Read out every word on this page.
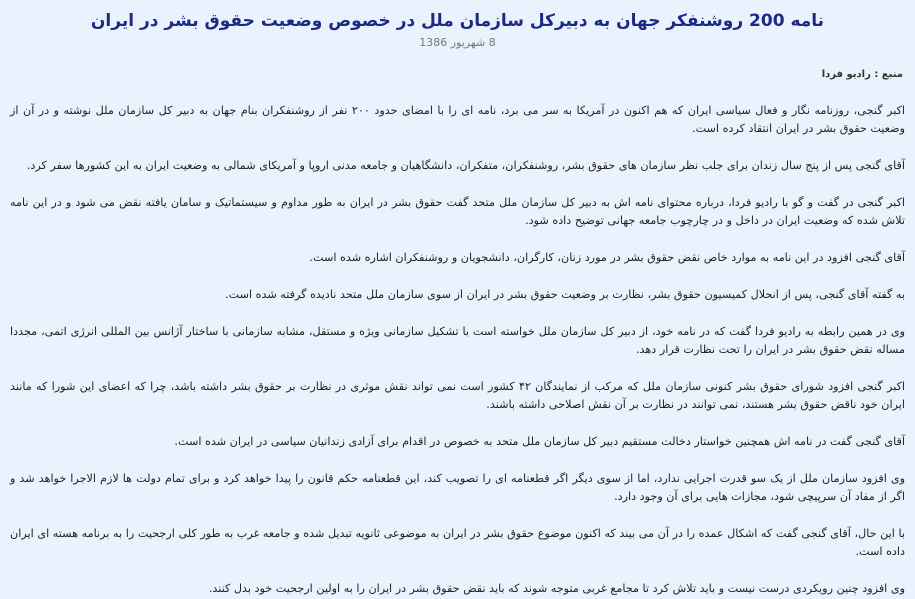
نامه 200 روشنفکر جهان به دبیرکل سازمان ملل در خصوص وضعیت حقوق بشر در ایران
8 شهریور 1386
منبع : رادیو فردا

اکبر گنجی، روزنامه نگار و فعال سیاسی ایران که هم اکنون در آمریکا به سر می برد، نامه ای را با امضای حدود ۲۰۰ نفر از روشنفکران بنام جهان به دبیر کل سازمان ملل نوشته و در آن از وضعیت حقوق بشر در ایران انتقاد کرده است.

آقای گنجی پس از پنج سال زندان برای جلب نظر سازمان های حقوق بشر، روشنفکران، متفکران، دانشگاهیان و جامعه مدنی اروپا و آمریکای شمالی به وضعیت ایران به این کشورها سفر کرد.

اکبر گنجی در گفت و گو با رادیو فردا، درباره محتوای نامه اش به دبیر کل سازمان ملل متحد گفت حقوق بشر در ایران به طور مداوم و سیستماتیک و سامان یافته نقض می شود و در این نامه تلاش شده که وضعیت ایران در داخل و در چارچوب جامعه جهانی توضیح داده شود.

آقای گنجی افزود در این نامه به موارد خاص نقض حقوق بشر در مورد زنان، کارگران، دانشجویان و روشنفکران اشاره شده است.

به گفته آقای گنجی، پس از انحلال کمیسیون حقوق بشر، نظارت بر وضعیت حقوق بشر در ایران از سوی سازمان ملل متحد نادیده گرفته شده است.

وی در همین رابطه به رادیو فردا گفت که در نامه خود، از دبیر کل سازمان ملل خواسته است با تشکیل سازمانی ویژه و مستقل، مشابه سازمانی با ساختار آژانس بین المللی انرژی اتمی، مجددا مساله نقض حقوق بشر در ایران را تحت نظارت قرار دهد.

اکبر گنجی افزود شورای حقوق بشر کنونی سازمان ملل که مرکب از نمایندگان ۴۲ کشور است نمی تواند نقش موثری در نظارت بر حقوق بشر داشته باشد، چرا که اعضای این شورا که مانند ایران خود ناقض حقوق بشر هستند، نمی توانند در نظارت بر آن نقش اصلاحی داشته باشند.

آقای گنجی گفت در نامه اش همچنین خواستار دخالت مستقیم دبیر کل سازمان ملل متحد به خصوص در اقدام برای آزادی زندانیان سیاسی در ایران شده است.

وی افزود سازمان ملل از یک سو قدرت اجرایی ندارد، اما از سوی دیگر اگر قطعنامه ای را تصویب کند، این قطعنامه حکم قانون را پیدا خواهد کرد و برای تمام دولت ها لازم الاجرا خواهد شد و اگر از مفاد آن سرپیچی شود، مجازات هایی برای آن وجود دارد.

با این حال، آقای گنجی گفت که اشکال عمده را در آن می بیند که اکنون موضوع حقوق بشر در ایران به موضوعی ثانویه تبدیل شده و جامعه غرب به طور کلی ارجحیت را به برنامه هسته ای ایران داده است.

وی افزود چنین رویکردی درست نیست و باید تلاش کرد تا مجامع غربی متوجه شوند که باید نقض حقوق بشر در ایران را به اولین ارجحیت خود بدل کنند.
